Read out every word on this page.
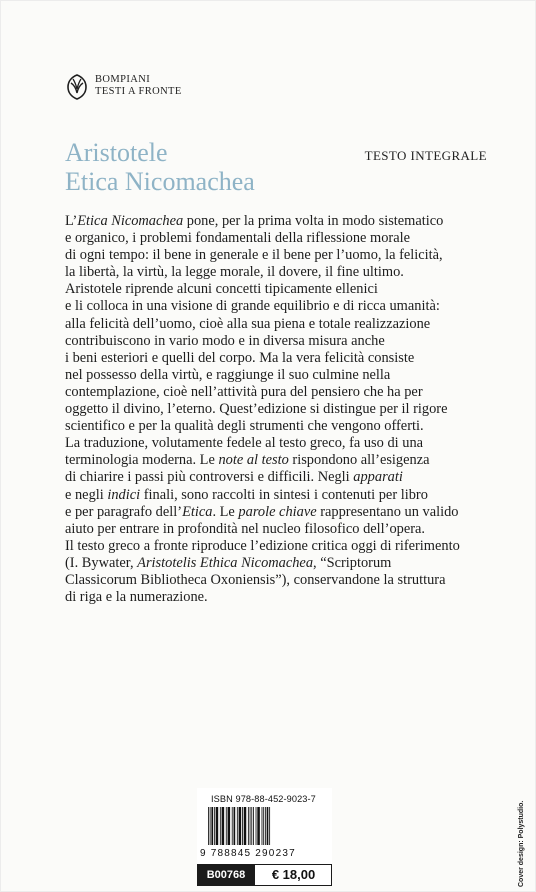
BOMPIANI
TESTI A FRONTE
TESTO INTEGRALE
Aristotele
Etica Nicomachea
L’Etica Nicomachea pone, per la prima volta in modo sistematico
e organico, i problemi fondamentali della riflessione morale
di ogni tempo: il bene in generale e il bene per l’uomo, la felicità,
la libertà, la virtù, la legge morale, il dovere, il fine ultimo.
Aristotele riprende alcuni concetti tipicamente ellenici
e li colloca in una visione di grande equilibrio e di ricca umanità:
alla felicità dell’uomo, cioè alla sua piena e totale realizzazione
contribuiscono in vario modo e in diversa misura anche
i beni esteriori e quelli del corpo. Ma la vera felicità consiste
nel possesso della virtù, e raggiunge il suo culmine nella
contemplazione, cioè nell’attività pura del pensiero che ha per
oggetto il divino, l’eterno. Quest’edizione si distingue per il rigore
scientifico e per la qualità degli strumenti che vengono offerti.
La traduzione, volutamente fedele al testo greco, fa uso di una
terminologia moderna. Le note al testo rispondono all’esigenza
di chiarire i passi più controversi e difficili. Negli apparati
e negli indici finali, sono raccolti in sintesi i contenuti per libro
e per paragrafo dell’Etica. Le parole chiave rappresentano un valido
aiuto per entrare in profondità nel nucleo filosofico dell’opera.
Il testo greco a fronte riproduce l’edizione critica oggi di riferimento
(I. Bywater, Aristotelis Ethica Nicomachea, “Scriptorum
Classicorum Bibliotheca Oxoniensis”), conservandone la struttura
di riga e la numerazione.
Cover design: Polystudio.
ISBN 978-88-452-9023-7
9 788845 290237
B00768	€ 18,00
